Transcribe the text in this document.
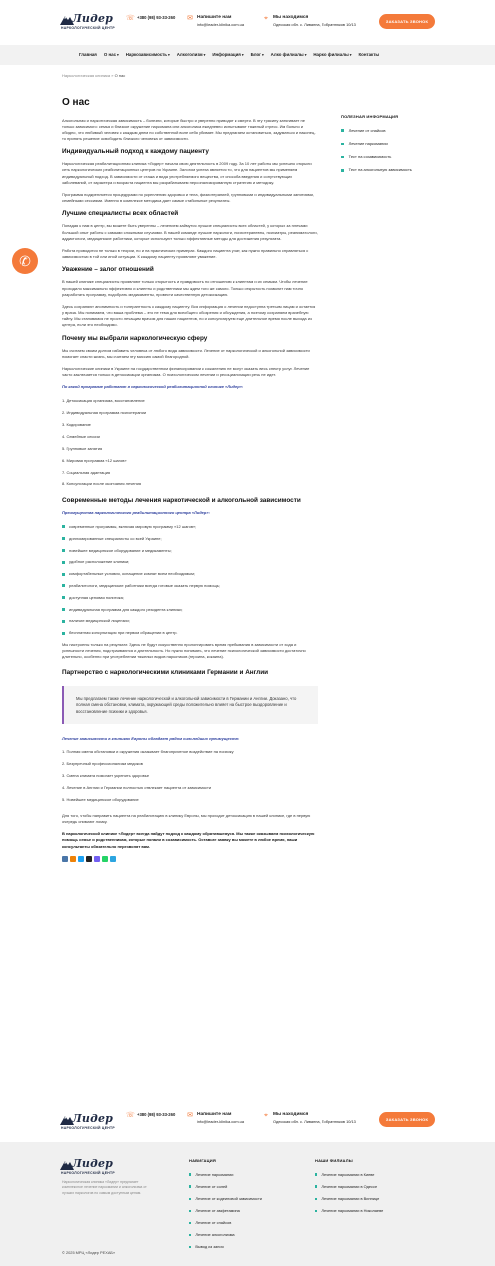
Лидер
НАРКОЛОГИЧЕСКИЙ ЦЕНТР
☏ +380 (98) 93-33-260 ✉ Напишите нам
info@leader-klinika.com.ua
⌖	Мы находимся
Одесская обл. с. Ливанна, Гобратнюков 10/13
ЗАКАЗАТЬ ЗВОНОК
Главная О нас▾ Наркозависимость▾ Алкоголизм▾ Информация▾ Блог▾ Алко филиалы▾ Нарко филиалы▾ Контакты
Наркологическая клиника » О нас
✆
О нас

Алкогольная и наркотическая зависимость – болезни, которые быстро и уверенно приводят к смерти. В эту трясину затягивает не только зависимого: семья и близкое окружение наркомана или алкоголика ежедневно испытывают тяжелый стресс. Им больно и обидно, что любимый человек с каждым днем по собственной воле себя убивает. Мы предлагаем остановиться, задуматься и наконец-то принять решение освободить близкого человека от зависимости.

Индивидуальный подход к каждому пациенту

Наркологическая реабилитационная клиника «Лидер» начала свою деятельность в 2009 году. За 10 лет работы мы успешно открыли сеть наркологических реабилитационных центров по Украине. Залогом успеха является то, что для пациентов мы применяем индивидуальный подход. В зависимости от стажа и вида употребляемого вещества, от способа введения и сопутствующих заболеваний, от характера и возраста пациента мы разрабатываем персонализированную стратегию и методику.

Программа подкрепляется процедурами по укреплению здоровья и тела, физиотерапией, групповыми и индивидуальными занятиями, семейными сессиями. Именно в комплексе методика дает самые стабильные результаты.

Лучшие специалисты всех областей

Попадая к нам в центр, вы можете быть уверенны – лечением займутся лучшие специалисты всех областей, у которых за плечами большой опыт работы с самыми сложными случаями. В нашей команде лучшие наркологи, психотерапевты, психиатры, реаниматологи, аддиктологи, медицинские работники, которые используют только эффективные методы для достижения результата.

Работа проводится не только в теории, но и на практических примерах. Каждого пациента учат, как нужно правильно справляться с зависимостью в той или иной ситуации. К каждому пациенту проявляют уважение.

Уважение – залог отношений

В нашей клинике специалисты проявляют только открытость и правдивость по отношению к клиентам и их семьям. Чтобы лечение проходило максимально эффективно и клиенты и родственники мы ждем того же самого. Только открытость позволит нам точно разработать программу, подобрать медикаменты, провести качественную детоксикацию.

Здесь сохраняют анонимность и толерантность к каждому пациенту. Вся информация о лечении недоступна третьим лицам и остается у врача. Мы понимаем, что ваша проблема – это не тема для всеобщего обозрения и обсуждения, а поэтому сохраняем врачебную тайну. Мы становимся не просто лечащим врачом для наших пациентов, но и консультируем еще длительное время после выхода из центра, если это необходимо.

Почему мы выбрали наркологическую сферу

Мы считаем своим долгом избавить человека от любого вида зависимости. Лечение от наркологической и алкогольной зависимости помогает спасти жизнь, мы считаем эту миссию самой благородной.

Наркологические клиники в Украине на государственном финансировании к сожалению не могут оказать весь спектр услуг. Лечение часто заключается только в детоксикации организма. О психологическом лечении и ресоциализации речь не идет.

По какой программе работают в наркологической реабилитационной клинике «Лидер»:
1. Детоксикация организма, восстановление
2. Индивидуальная программа психотерапии
3. Кодирование
4. Семейные сессии
5. Групповые занятия
6. Мировая программа «12 шагов»
7. Социальная адаптация
8. Консультации после окончания лечения
Современные методы лечения наркотической и алкогольной зависимости
Преимущества наркологического реабилитационного центра «Лидер»:
современные программы, включая мировую программу «12 шагов»;
дипломированные специалисты со всей Украине;
новейшее медицинское оборудование и медикаменты;
удобное расположение клиники;
комфортабельные условия, оснащение комнат всем необходимым;
реабилитологи, медицинские работники всегда готовые оказать первую помощь;
доступная ценовая политика;
индивидуальная программа для каждого резидента клиники;
наличие медицинской лицензии;
бесплатная консультация при первом обращении в центр.

Мы настроены только на результат. Здесь не будут искусственно пролонгировать время пребывания в зависимости от хода и успешности лечения, подстраиваются и длительность. Но нужно понимать, что лечение психологической зависимости достаточно длительно, особенно при употреблении тяжелых видов наркотиков (героина, кокаина).

Партнерство с наркологическими клиниками Германии и Англии

Мы предлагаем также лечение наркологической и алкогольной зависимости в Германии и Англии. Доказано, что полная смена обстановки, климата, окружающей среды положительно влияет на быстрое выздоровление и восстановление психики и здоровья.

Лечение зависимости в клиниках Европы обладает рядом сильнейших преимуществ:
1. Полная смена обстановки и окружения оказывает благоприятное воздействие на психику
2. Безупречный профессионализм медиков
3. Смена климата помогает укрепить здоровье
4. Лечение в Англии и Германии полностью отвлекает пациента от зависимости
5. Новейшее медицинское оборудование

Для того, чтобы направить пациента на реабилитацию в клинику Европы, мы проходит детоксикацию в нашей клинике, где в первую очередь снимают ломку.

В наркологической клинике «Лидер» всегда найдут подход к каждому обратившемуся. Мы также оказываем психологическую помощь семье и родственникам, которые попали в созависимость. Оставьте заявку вы можете в любое время, наши консультанты обязательно перезвонят вам.

ПОЛЕЗНАЯ ИНФОРМАЦИЯ
Лечение от спайсов
Лечение наркомании
Тест на созависимость
Тест на алкогольную зависимость
Лидер
НАРКОЛОГИЧЕСКИЙ ЦЕНТР
☏ +380 (98) 93-33-260 ✉ Напишите нам
info@leader-klinika.com.ua
⌖	Мы находимся
Одесская обл. с. Ливанна, Гобратнюков 10/13	ЗАКАЗАТЬ ЗВОНОК
Лидер
НАРКОЛОГИЧЕСКИЙ ЦЕНТР
Наркологическая клиника «Лидер» предлагает комплексное лечение наркомании и алкоголизма от лучших наркологов по самым доступным ценам.
НАВИГАЦИЯ
Лечение наркомании
Лечение от солей
Лечение от кодеиновой зависимости
Лечение от амфетамина
Лечение от спайсов
Лечение алкоголизма
Вывод из запоя
НАШИ ФИЛИАЛЫ
Лечение наркомании в Киеве
Лечение наркомании в Одессе
Лечение наркомании в Виннице
Лечение наркомании в Николаеве
© 2025 МРЦ «Лидер РЕХАБ»
